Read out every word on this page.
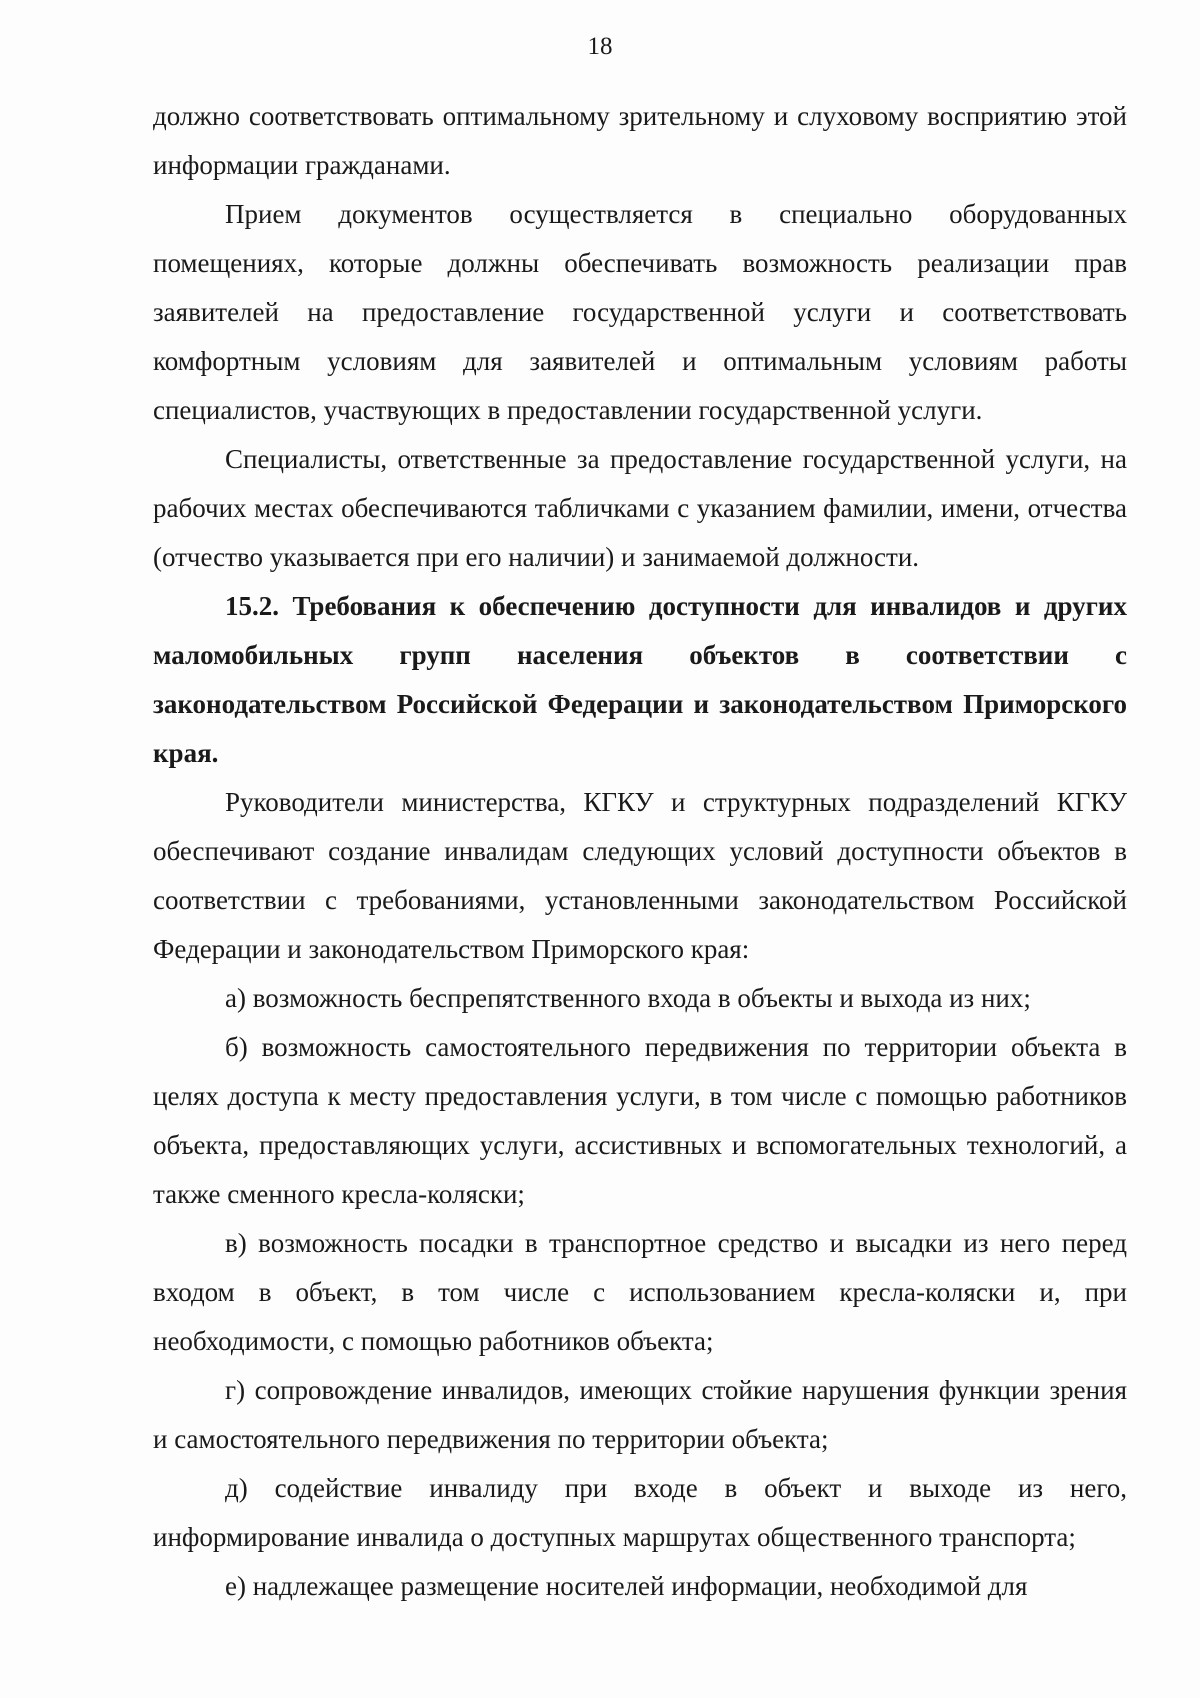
18

должно соответствовать оптимальному зрительному и слуховому восприятию этой информации гражданами.

Прием документов осуществляется в специально оборудованных помещениях, которые должны обеспечивать возможность реализации прав заявителей на предоставление государственной услуги и соответствовать комфортным условиям для заявителей и оптимальным условиям работы специалистов, участвующих в предоставлении государственной услуги.

Специалисты, ответственные за предоставление государственной услуги, на рабочих местах обеспечиваются табличками с указанием фамилии, имени, отчества (отчество указывается при его наличии) и занимаемой должности.

15.2. Требования к обеспечению доступности для инвалидов и других маломобильных групп населения объектов в соответствии с законодательством Российской Федерации и законодательством Приморского края.

Руководители министерства, КГКУ и структурных подразделений КГКУ обеспечивают создание инвалидам следующих условий доступности объектов в соответствии с требованиями, установленными законодательством Российской Федерации и законодательством Приморского края:

а) возможность беспрепятственного входа в объекты и выхода из них;

б) возможность самостоятельного передвижения по территории объекта в целях доступа к месту предоставления услуги, в том числе с помощью работников объекта, предоставляющих услуги, ассистивных и вспомогательных технологий, а также сменного кресла-коляски;

в) возможность посадки в транспортное средство и высадки из него перед входом в объект, в том числе с использованием кресла-коляски и, при необходимости, с помощью работников объекта;

г) сопровождение инвалидов, имеющих стойкие нарушения функции зрения и самостоятельного передвижения по территории объекта;

д) содействие инвалиду при входе в объект и выходе из него, информирование инвалида о доступных маршрутах общественного транспорта;

е) надлежащее размещение носителей информации, необходимой для
